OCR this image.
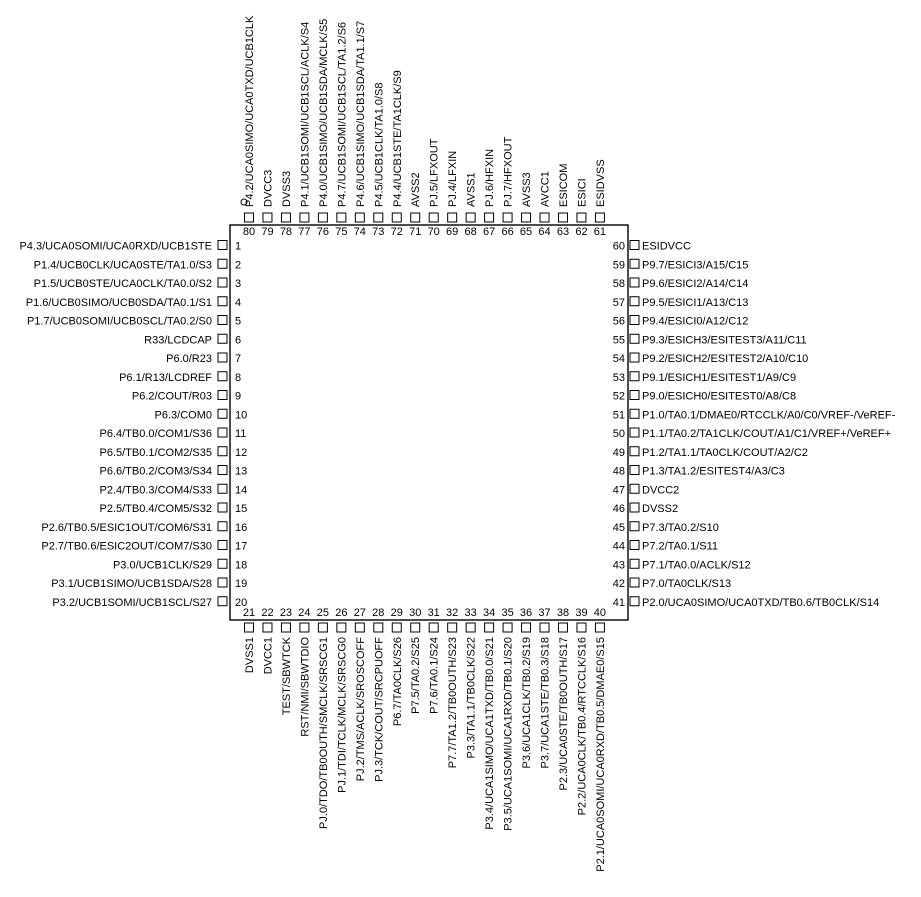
1
P4.3/UCA0SOMI/UCA0RXD/UCB1STE
2
P1.4/UCB0CLK/UCA0STE/TA1.0/S3
3
P1.5/UCB0STE/UCA0CLK/TA0.0/S2
4
P1.6/UCB0SIMO/UCB0SDA/TA0.1/S1
5
P1.7/UCB0SOMI/UCB0SCL/TA0.2/S0
6
R33/LCDCAP
7
P6.0/R23
8
P6.1/R13/LCDREF
9
P6.2/COUT/R03
10
P6.3/COM0
11
P6.4/TB0.0/COM1/S36
12
P6.5/TB0.1/COM2/S35
13
P6.6/TB0.2/COM3/S34
14
P2.4/TB0.3/COM4/S33
15
P2.5/TB0.4/COM5/S32
16
P2.6/TB0.5/ESIC1OUT/COM6/S31
17
P2.7/TB0.6/ESIC2OUT/COM7/S30
18
P3.0/UCB1CLK/S29
19
P3.1/UCB1SIMO/UCB1SDA/S28
20
P3.2/UCB1SOMI/UCB1SCL/S27
21
DVSS1
22
DVCC1
23
TEST/SBWTCK
24
RST/NMI/SBWTDIO
25
PJ.0/TDO/TB0OUTH/SMCLK/SRSCG1
26
PJ.1/TDI/TCLK/MCLK/SRSCG0
27
PJ.2/TMS/ACLK/SROSCOFF
28
PJ.3/TCK/COUT/SRCPUOFF
29
P6.7/TA0CLK/S26
30
P7.5/TA0.2/S25
31
P7.6/TA0.1/S24
32
P7.7/TA1.2/TB0OUTH/S23
33
P3.3/TA1.1/TB0CLK/S22
34
P3.4/UCA1SIMO/UCA1TXD/TB0.0/S21
35
P3.5/UCA1SOMI/UCA1RXD/TB0.1/S20
36
P3.6/UCA1CLK/TB0.2/S19
37
P3.7/UCA1STE/TB0.3/S18
38
P2.3/UCA0STE/TB0OUTH/S17
39
P2.2/UCA0CLK/TB0.4/RTCCLK/S16
40
P2.1/UCA0SOMI/UCA0RXD/TB0.5/DMAE0/S15
41 P2.0/UCA0SIMO/UCA0TXD/TB0.6/TB0CLK/S14
42 P7.0/TA0CLK/S13
43 P7.1/TA0.0/ACLK/S12
44 P7.2/TA0.1/S11
45 P7.3/TA0.2/S10
46 DVSS2
47 DVCC2
48 P1.3/TA1.2/ESITEST4/A3/C3
49 P1.2/TA1.1/TA0CLK/COUT/A2/C2
50 P1.1/TA0.2/TA1CLK/COUT/A1/C1/VREF+/VeREF+
51 P1.0/TA0.1/DMAE0/RTCCLK/A0/C0/VREF-/VeREF-
52 P9.0/ESICH0/ESITEST0/A8/C8
53 P9.1/ESICH1/ESITEST1/A9/C9
54 P9.2/ESICH2/ESITEST2/A10/C10
55 P9.3/ESICH3/ESITEST3/A11/C11
56 P9.4/ESICI0/A12/C12
57 P9.5/ESICI1/A13/C13
58 P9.6/ESICI2/A14/C14
59 P9.7/ESICI3/A15/C15
60 ESIDVCC
61
ESIDVSS
62
ESICI
63
ESICOM
64
AVCC1
65
AVSS3
66
PJ.7/HFXOUT
67
PJ.6/HFXIN
68
AVSS1
69
PJ.4/LFXIN
70
PJ.5/LFXOUT
71
AVSS2
72
P4.4/UCB1STE/TA1CLK/S9
73
P4.5/UCB1CLK/TA1.0/S8
74
P4.6/UCB1SIMO/UCB1SDA/TA1.1/S7
75
P4.7/UCB1SOMI/UCB1SCL/TA1.2/S6
76
P4.0/UCB1SIMO/UCB1SDA/MCLK/S5
77
P4.1/UCB1SOMI/UCB1SCL/ACLK/S4
78
DVSS3
79
DVCC3
80
P4.2/UCA0SIMO/UCA0TXD/UCB1CLK
